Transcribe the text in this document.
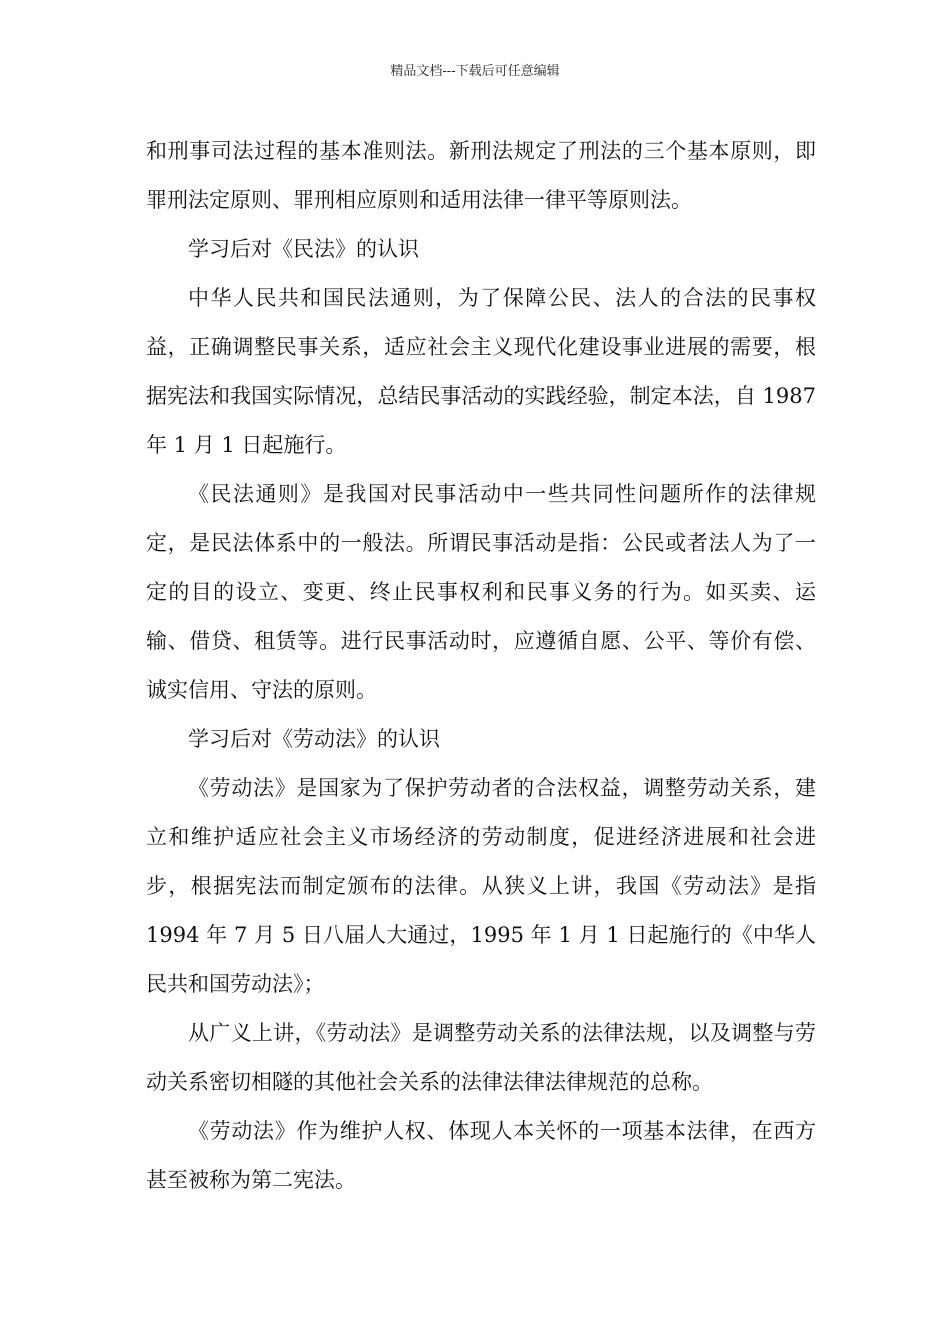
精品文档---下载后可任意编辑

和刑事司法过程的基本准则法。新刑法规定了刑法的三个基本原则，即罪刑法定原则、罪刑相应原则和适用法律一律平等原则法。

学习后对《民法》的认识

中华人民共和国民法通则，为了保障公民、法人的合法的民事权益，正确调整民事关系，适应社会主义现代化建设事业进展的需要，根据宪法和我国实际情况，总结民事活动的实践经验，制定本法，自 1987 年 1 月 1 日起施行。

《民法通则》是我国对民事活动中一些共同性问题所作的法律规定，是民法体系中的一般法。所谓民事活动是指：公民或者法人为了一定的目的设立、变更、终止民事权利和民事义务的行为。如买卖、运输、借贷、租赁等。进行民事活动时，应遵循自愿、公平、等价有偿、诚实信用、守法的原则。

学习后对《劳动法》的认识

《劳动法》是国家为了保护劳动者的合法权益，调整劳动关系，建立和维护适应社会主义市场经济的劳动制度，促进经济进展和社会进步，根据宪法而制定颁布的法律。从狭义上讲，我国《劳动法》是指 1994 年 7 月 5 日八届人大通过，1995 年 1 月 1 日起施行的《中华人民共和国劳动法》；

从广义上讲，《劳动法》是调整劳动关系的法律法规，以及调整与劳动关系密切相隧的其他社会关系的法律法律法律规范的总称。

《劳动法》作为维护人权、体现人本关怀的一项基本法律，在西方甚至被称为第二宪法。
